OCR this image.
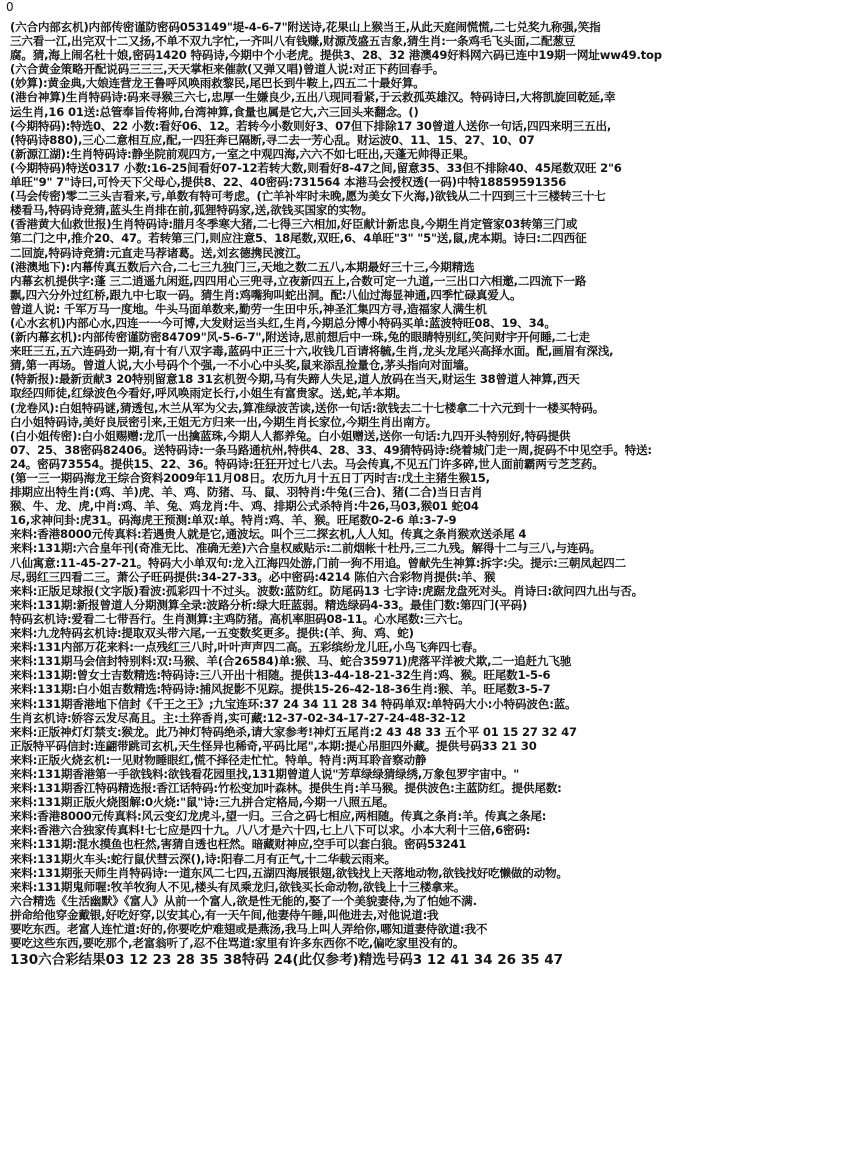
0
(六合内部玄机)内部传密谨防密码053149"堤-4-6-7"附送诗,花果山上猴当王,从此天庭闹慌慌,二七兑奖九称强,笑指
三六看一江,出完双十二又扬,不单不双九字忙,一齐叫八有钱赚,财源茂盛五吉象,猜生肖:一条鸡毛飞头面,二配葱豆
腐。猜,海上闹名杜十娘,密码1420 特码诗,今期中个小老虎。提供3、28、32 港澳49好料网六码已连中19期一网址ww49.top
(六合黄金策略开配说码三三三,天天掌柜来催款(又弹又唱)曾道人说:对正下药回春手。
(妙算):黄金典,大娘连营龙王鲁呼风唤雨救黎民,尾巴长到牛鞍上,四五二十最好算。
(港台神算)生肖特码诗:码来寻猴三六七,忠厚一生嫌良少,五出八现同看紧,于云救孤英雄汉。特码诗曰,大将凯旋回乾延,幸
运生肖,16 01送:总管奉旨传将帅,台湾神算,食量也属是它大,六三回头来翻念。()
(今期特码):特选0、22 小数:看好06、12。若转今小数则好3、07但下排除17 30曾道人送你一句话,四四来明三五出,
(特码诗880),三心二意相互应,配,一四狂奔已隔断,寻二去一芳心乱。财运波0、11、15、27、10、07
(新源江湖):生肖特码诗:静坐院前观四方,一室之中观四海,六六不如七旺出,天蓬无帅得正果。
(今期特码)特送0317 小数:16-25间看好07-12若转大数,则看好8-47之间,留意35、33但不排除40、45尾数双旺 2"6
单旺"9" 7"诗曰,可怜天下父母心,提供8、22、40密码:731564 本港马会授权透(一码)中特18859591356
(马会传密)零二三头吉看来,亏,单数有特可考虑。(亡羊补牢时未晚,愿为美女下火海,)欲钱从二十四到三十三楼转三十七
楼看马,特码诗竞猜,蓝头生肖排在前,狐狸特码家,送,欲钱买国家的实物。
(香港黄大仙救世报)生肖特码诗:腊月冬季寒大猪,二七得三六相加,好臣献计新忠良,今期生肖定管家03转第三门或
第二门之中,推介20、47。若转第三门,则应注意5、18尾数,双旺,6、4单旺"3" "5"送,鼠,虎本期。诗曰:二四西征
二回旋,特码诗竞猜:元直走马荐诸葛。送,刘玄德携民渡江。
(港澳地下):内幕传真五数后六合,二七三九独门三,天地之数二五八,本期最好三十三,今期精选
内幕玄机提供字:蓬 三二逍遥九闲逛,四四用心三兜寻,立夜新四五上,合数可定一九道,一三出口六相邀,二四流下一路
飘,四六分外过红桥,跟九中七取一码。猜生肖:鸡嘴狗叫蛇出洞。配:八仙过海显神通,四季忙碌真爱人。
曾道人说: 千军万马一度地。牛头马面单数来,勤劳一生田中乐,神圣汇集四方寻,造福家人满生机
(心水玄机)内部心水,四连一一今可博,大发财运当头红,生肖,今期总分博小特码买单:蓝波特旺08、19、34。
(新内幕玄机):内部传密谨防密84709"风-5-6-7",附送诗,思前想后中一珠,兔的眼睛特别红,笑问财宇开何睡,二七走
来旺三五,五六连码劲一期,有十有八双字毒,蓝码中正三十六,收钱几百请将毓,生肖,龙头龙尾兴高择水面。配,画眉有深浅,
猜,第一再场。曾道人说,大小号码个个强,一不小心中头奖,鼠来添乱捡量仓,茅头指向对面墙。
(特新报):最新贡献3 20特别留意18 31玄机贺今期,马有失蹄人失足,道人放码在当天,财运生 38曾道人神算,西天
取经四师徒,红绿波色今看好,呼风唤雨定长行,小姐生有富贵家。送,蛇,羊本期。
(龙卷风):白姐特码谜,猜透包,木兰从军为父去,算准绿波苦读,送你一句话:欲钱去二十七楼拿二十六元到十一楼买特码。
白小姐特码诗,美好良辰密引来,王姐无方归来一出,今期生肖长家位,今期生肖出南方。
(白小姐传密):白小姐赐赠:龙爪一出擒蓝珠,今期人人都养兔。白小姐赠送,送你一句话:九四开头特别好,特码提供
07、25、38密码82406。送特码诗:一条马路通杭州,特供4、28、33、49猜特码诗:绕着城门走一周,捉码不中见空手。特送:
24。密码73554。提供15、22、36。特码诗:狂狂开过七八去。马会传真,不见五门许多碎,世人面前霸两亏芝芝药。
(第一三一期码海龙王综合资料2009年11月08日。农历九月十五日丁丙时吉:戊土主猪生猴15,
排期应出特生肖:(鸡、羊)虎、羊、鸡、防猪、马、鼠、羽特肖:牛兔(三合)、猪(二合)当日吉肖
猴、牛、龙、虎,中肖:鸡、羊、兔、鸡龙肖:牛、鸡、排期公式杀特肖:牛26,马03,猴01 蛇04
16,求神问卦:虎31。码海虎王预测:单双:单。特肖:鸡、羊、猴。旺尾数0-2-6 单:3-7-9
来料:香港8000元传真料:若遇贵人就是它,通波坛。叫个三二探玄机,人人知。传真之条肖猴欢送杀尾 4
来料:131期:六合皇年刊(奇准无比、准确无差)六合皇权威贴示:二前烟帐十杜丹,三二九残。解得十二与三八,与连码。
八仙寓意:11-45-27-21。特码大小单双句:龙入江海四处游,门前一狗不用追。曾献先生神算:拆字:尖。提示:三朝凤起四二
尽,弱红三四看二三。萧公子旺码提供:34-27-33。必中密码:4214 陈伯六合彩物肖提供:羊、猴
来料:正版足球报(文字版)看波:孤彩四十不过头。波数:蓝防红。防尾码13 七字诗:虎踞龙盘死对头。肖诗曰:欲问四九出与否。
来料:131期:新报曾道人分期测算全录:波路分析:绿大旺蓝弱。精选绿码4-33。最佳门数:第四门(平码)
特码玄机诗:爱看二七带吾行。生肖测算:主鸡防猪。高机率胆码08-11。心水尾数:三六七。
来料:九龙特码玄机诗:提取双头带六尾,一五变数奖更多。提供:(羊、狗、鸡、蛇)
来料:131内部万花来料:一点残红三八时,叶叶声声四二高。五彩缤纷龙儿旺,小鸟飞奔四七春。
来料:131期马会信封特别料:双:马猴、羊(合26584)单:猴、马、蛇合35971)虎落平洋被犬欺,二一追赶九飞驰
来料:131期:曾女士吉数精选:特码诗:三八开出十相随。提供13-44-18-21-32生肖:鸡、猴。旺尾数1-5-6
来料:131期:白小姐吉数精选:特码诗:捕风捉影不见踪。提供15-26-42-18-36生肖:猴、羊。旺尾数3-5-7
来料:131期香港地下信封《千王之王》;九宝连环:37 24 34 11 28 34 特码单双:单特码大小:小特码波色:蓝。
生肖玄机诗:娇容云发尽高且。主:土猝香肖,实可藏:12-37-02-34-17-27-24-48-32-12
来料:正版神灯灯禁支:猴龙。此乃神灯特码绝杀,请大家参考!神灯五尾肖:2 43 48 33 五个平 01 15 27 32 47
正版特平码信封:连翩带跳司玄机,天生怪异也稀奇,平码比尾",本期:提心吊胆四外藏。提供号码33 21 30
来料:正版火烧玄机:一见财物睡眼红,慌不择径走忙忙。特单。特肖:两耳聆音察动静
来料:131期香港第一手欲钱料:欲钱看花园里找,131期曾道人说"芳草绿绿猜绿绣,万象包罗宇宙中。"
来料:131期香江特码精选报:香江话特码:竹松变加叶森林。提供生肖:羊马猴。提供波色:主蓝防红。提供尾数:
来料:131期正版火烧图解:0火烧:"鼠"诗:三九拼合定格局,今期一八照五尾。
来料:香港8000元传真料:风云变幻龙虎斗,望一归。三合之码七相应,两相随。传真之条肖:羊。传真之条尾:
来料:香港六合独家传真料!七七应是四十九。八八才是六十四,七上八下可以求。小本大利十三倍,6密码:
来料:131期:混水摸鱼也枉然,害猜自透也枉然。暗藏财神应,空手可以套白狼。密码53241
来料:131期火车头:蛇行鼠伏彗云深(),诗:阳春二月有正气,十二华载云雨来。
来料:131期张天师生肖特码诗:一道东风二七四,五湖四海展银翅,欲钱找上天落地动物,欲钱找好吃懒做的动物。
来料:131期鬼师喔:牧羊牧狗人不见,楼头有凤乘龙归,欲钱买长命动物,欲钱上十三楼拿来。
六合精选《生活幽默》《富人》从前一个富人,欲是性无能的,娶了一个美貌妻侍,为了怕她不满.
拼命给他穿金戴银,好吃好穿,以安其心,有一天午间,他妻侍午睡,叫他进去,对他说道:我
要吃东西。老富人连忙道:好的,你要吃炉难翅或是燕汤,我马上叫人弄给你,哪知道妻侍欲道:我不
要吃这些东西,要吃那个,老富翁听了,忍不住骂道:家里有许多东西你不吃,偏吃家里没有的。
130六合彩结果03 12 23 28 35 38特码 24(此仅参考)精选号码3 12 41 34 26 35 47
